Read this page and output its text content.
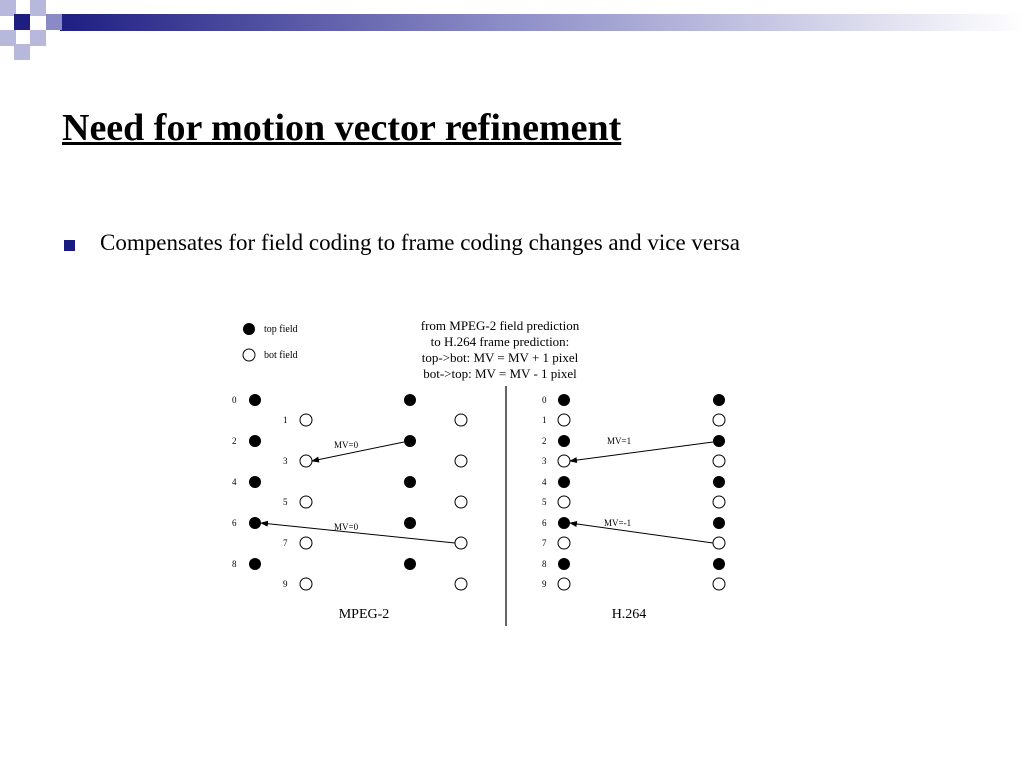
Need for motion vector refinement
Compensates for field coding to frame coding changes and vice versa
top field
bot field
from MPEG-2 field prediction
to H.264 frame prediction:
top->bot: MV = MV + 1 pixel
bot->top: MV = MV - 1 pixel
0
1
2
3
4
5
6
7
8
9
MV=0
MV=0
0
1
2
3
4
5
6
7
8
9
MV=1
MV=-1
MPEG-2	H.264
